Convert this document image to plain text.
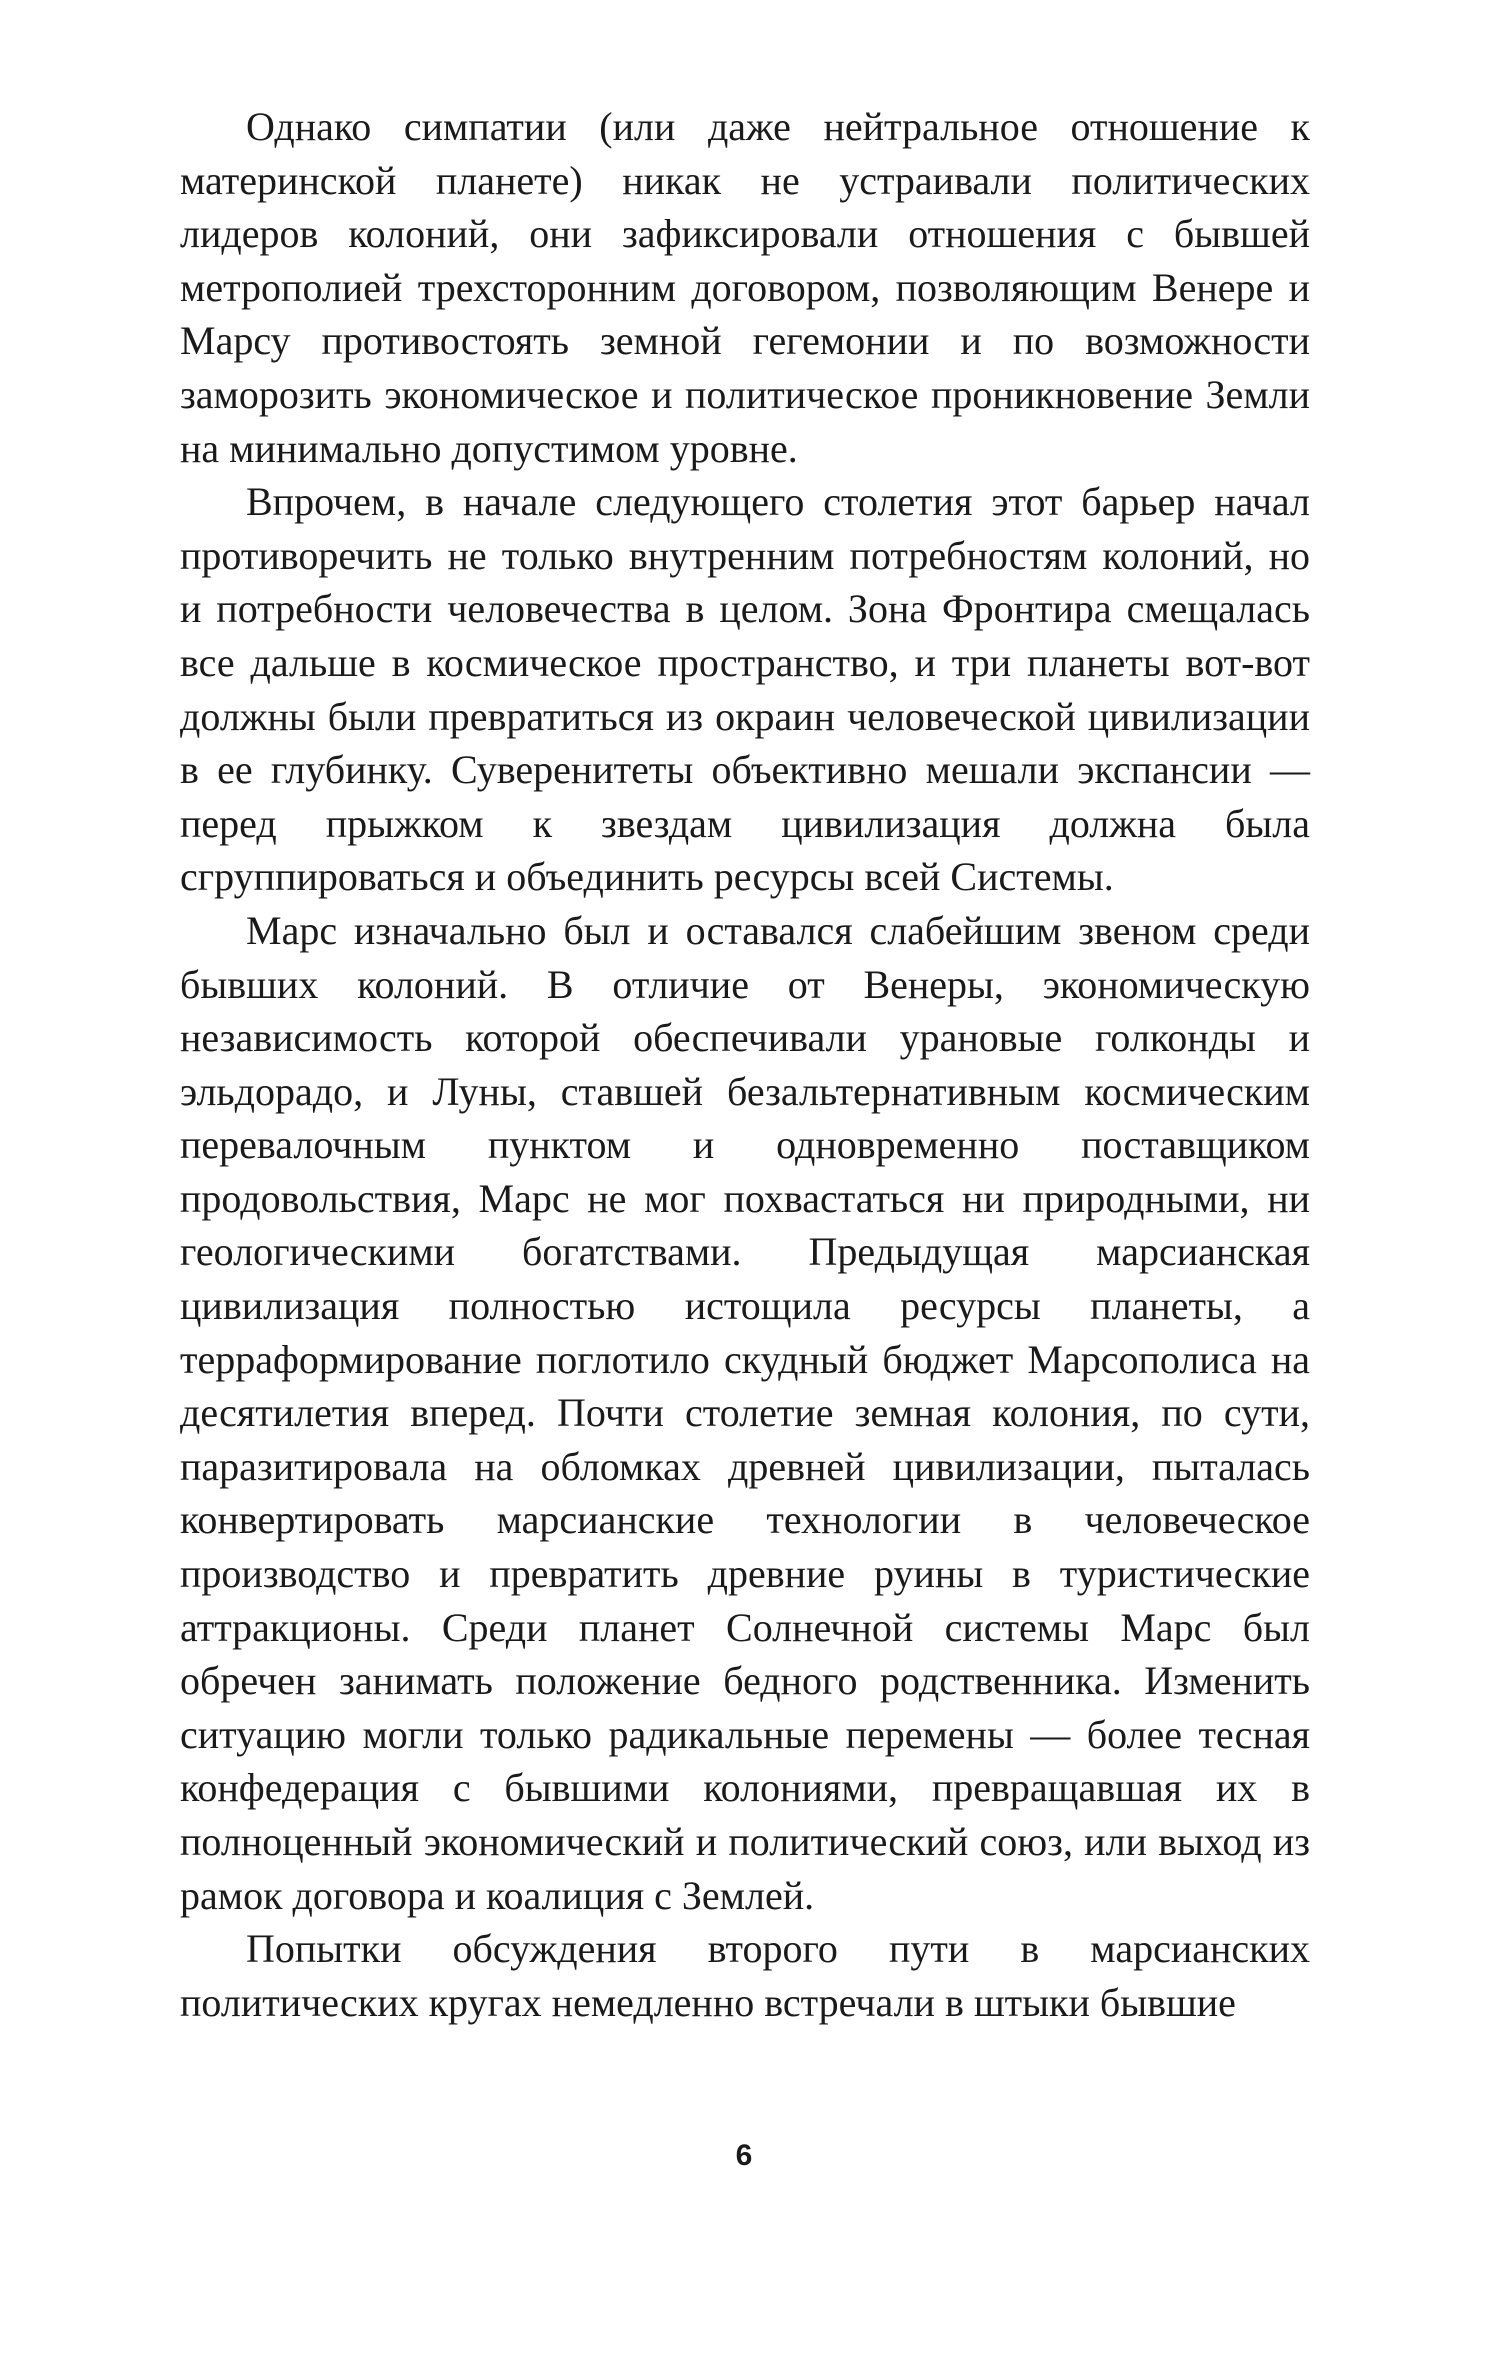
Однако симпатии (или даже нейтральное отношение к материнской планете) никак не устраивали политических лидеров колоний, они зафиксировали отношения с бывшей метрополией трехсторонним договором, позволяющим Венере и Марсу противостоять земной гегемонии и по возможности заморозить экономическое и политическое проникновение Земли на минимально допустимом уровне.

Впрочем, в начале следующего столетия этот барьер начал противоречить не только внутренним потребностям колоний, но и потребности человечества в целом. Зона Фронтира смещалась все дальше в космическое пространство, и три планеты вот-вот должны были превратиться из окраин человеческой цивилизации в ее глубинку. Суверенитеты объективно мешали экспансии — перед прыжком к звездам цивилизация должна была сгруппироваться и объединить ресурсы всей Системы.

Марс изначально был и оставался слабейшим звеном среди бывших колоний. В отличие от Венеры, экономическую независимость которой обеспечивали урановые голконды и эльдорадо, и Луны, ставшей безальтернативным космическим перевалочным пунктом и одновременно поставщиком продовольствия, Марс не мог похвастаться ни природными, ни геологическими богатствами. Предыдущая марсианская цивилизация полностью истощила ресурсы планеты, а терраформирование поглотило скудный бюджет Марсополиса на десятилетия вперед. Почти столетие земная колония, по сути, паразитировала на обломках древней цивилизации, пыталась конвертировать марсианские технологии в человеческое производство и превратить древние руины в туристические аттракционы. Среди планет Солнечной системы Марс был обречен занимать положение бедного родственника. Изменить ситуацию могли только радикальные перемены — более тесная конфедерация с бывшими колониями, превращавшая их в полноценный экономический и политический союз, или выход из рамок договора и коалиция с Землей.

Попытки обсуждения второго пути в марсианских политических кругах немедленно встречали в штыки бывшие

6
